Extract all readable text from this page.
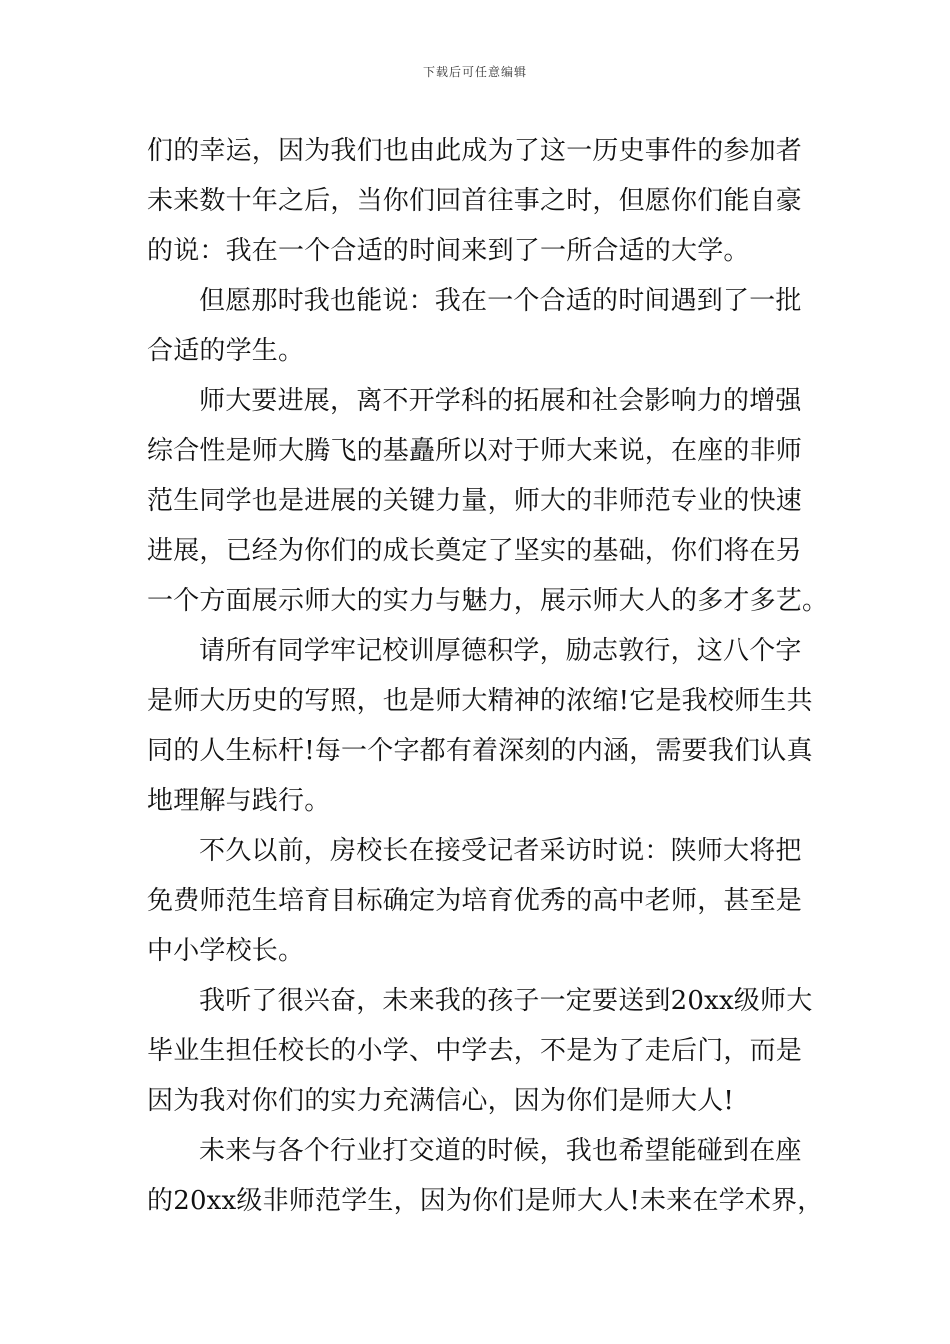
下载后可任意编辑
们的幸运，因为我们也由此成为了这一历史事件的参加者
未来数十年之后，当你们回首往事之时，但愿你们能自豪
的说：我在一个合适的时间来到了一所合适的大学。
但愿那时我也能说：我在一个合适的时间遇到了一批
合适的学生。
师大要进展，离不开学科的拓展和社会影响力的增强
综合性是师大腾飞的基矗所以对于师大来说，在座的非师
范生同学也是进展的关键力量，师大的非师范专业的快速
进展，已经为你们的成长奠定了坚实的基础，你们将在另
一个方面展示师大的实力与魅力，展示师大人的多才多艺。
请所有同学牢记校训厚德积学，励志敦行，这八个字
是师大历史的写照，也是师大精神的浓缩!它是我校师生共
同的人生标杆!每一个字都有着深刻的内涵，需要我们认真
地理解与践行。
不久以前，房校长在接受记者采访时说：陕师大将把
免费师范生培育目标确定为培育优秀的高中老师，甚至是
中小学校长。
我听了很兴奋，未来我的孩子一定要送到20xx级师大
毕业生担任校长的小学、中学去，不是为了走后门，而是
因为我对你们的实力充满信心，因为你们是师大人!
未来与各个行业打交道的时候，我也希望能碰到在座
的20xx级非师范学生，因为你们是师大人!未来在学术界，
